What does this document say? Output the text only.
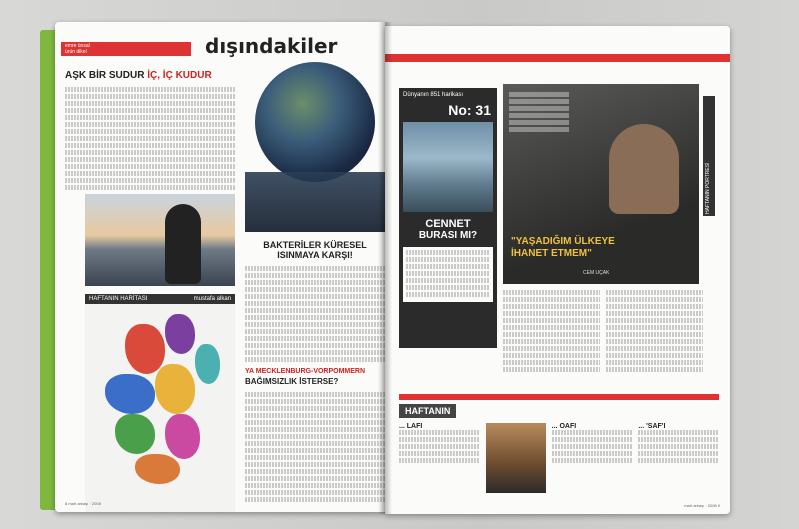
emre ünsal
ürün dikel	dışındakiler
AŞK BİR SUDUR İÇ, İÇ KUDUR
BAKTERİLER KÜRESEL ISINMAYA KARŞI!
HAFTANIN HARİTASI	mustafa alkan
YA MECKLENBURG-VORPOMMERN
BAĞIMSIZLIK İSTERSE?
8 mart arkaşı · 2008
Dünyanın 851 harikası
No: 31
CENNET
BURASI MI?
"YAŞADIĞIM ÜLKEYE İHANET ETMEM"
CEM UÇAK
HAFTANIN PORTRESİ
HAFTANIN
... LAFI	... OAFI	... 'SAF'I
mart arkaşı · 2008 9
